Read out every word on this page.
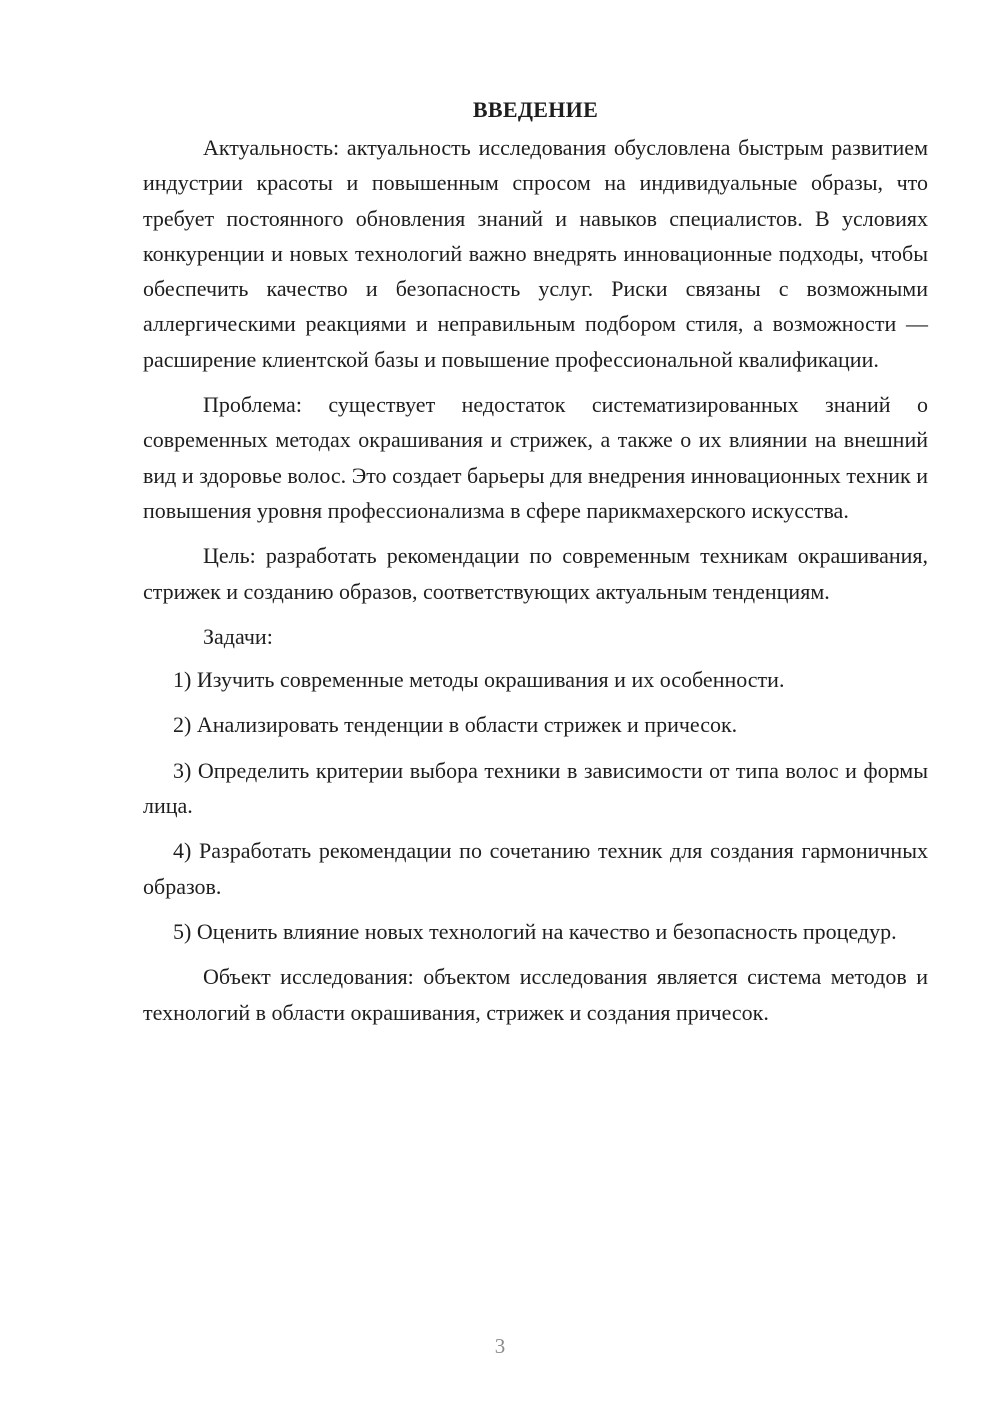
ВВЕДЕНИЕ

Актуальность: актуальность исследования обусловлена быстрым развитием индустрии красоты и повышенным спросом на индивидуальные образы, что требует постоянного обновления знаний и навыков специалистов. В условиях конкуренции и новых технологий важно внедрять инновационные подходы, чтобы обеспечить качество и безопасность услуг. Риски связаны с возможными аллергическими реакциями и неправильным подбором стиля, а возможности — расширение клиентской базы и повышение профессиональной квалификации.

Проблема: существует недостаток систематизированных знаний о современных методах окрашивания и стрижек, а также о их влиянии на внешний вид и здоровье волос. Это создает барьеры для внедрения инновационных техник и повышения уровня профессионализма в сфере парикмахерского искусства.

Цель: разработать рекомендации по современным техникам окрашивания, стрижек и созданию образов, соответствующих актуальным тенденциям.

Задачи:

1) Изучить современные методы окрашивания и их особенности.

2) Анализировать тенденции в области стрижек и причесок.

3) Определить критерии выбора техники в зависимости от типа волос и формы лица.

4) Разработать рекомендации по сочетанию техник для создания гармоничных образов.

5) Оценить влияние новых технологий на качество и безопасность процедур.

Объект исследования: объектом исследования является система методов и технологий в области окрашивания, стрижек и создания причесок.

3
